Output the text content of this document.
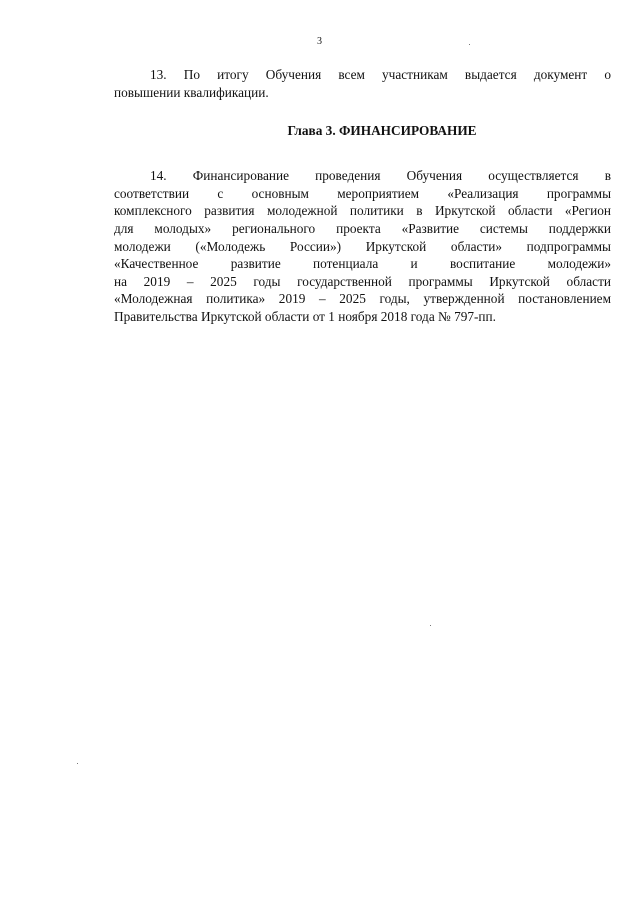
3

13. По итогу Обучения всем участникам выдается документ о
повышении квалификации.

Глава 3. ФИНАНСИРОВАНИЕ

14. Финансирование проведения Обучения осуществляется в
соответствии с основным мероприятием «Реализация программы
комплексного развития молодежной политики в Иркутской области «Регион
для молодых» регионального проекта «Развитие системы поддержки
молодежи («Молодежь России») Иркутской области» подпрограммы
«Качественное развитие потенциала и воспитание молодежи»
на 2019 – 2025 годы государственной программы Иркутской области
«Молодежная политика» 2019 – 2025 годы, утвержденной постановлением
Правительства Иркутской области от 1 ноября 2018 года № 797-пп.
